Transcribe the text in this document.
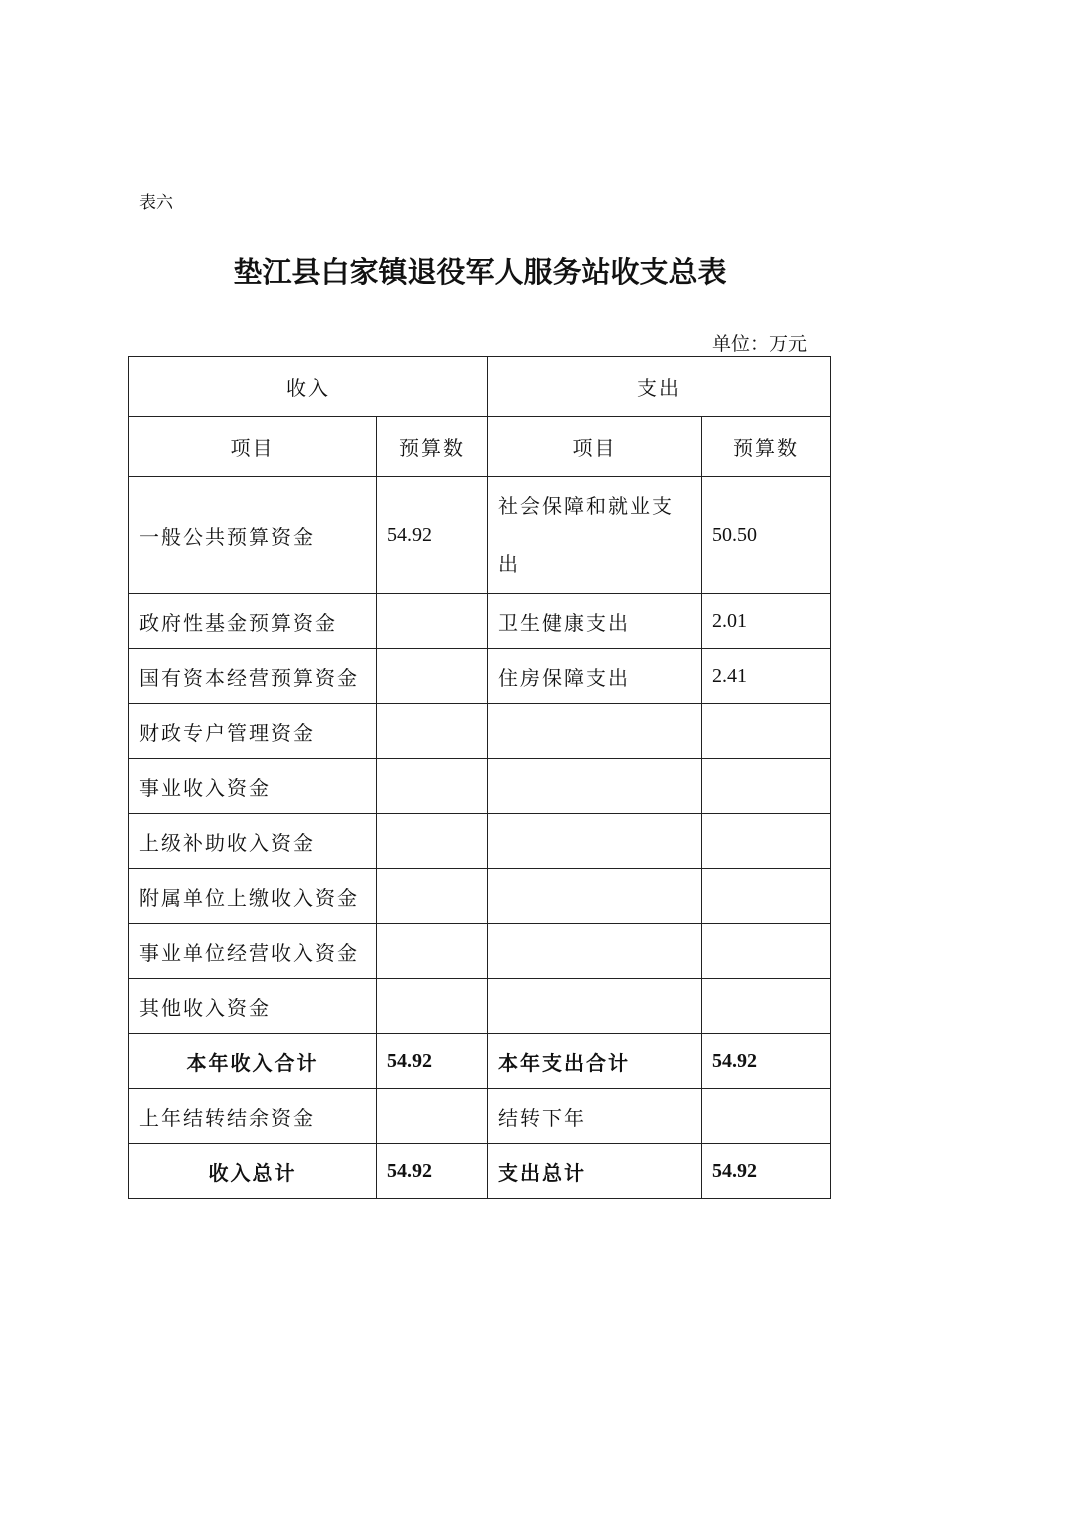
表六
垫江县白家镇退役军人服务站收支总表
单位：万元
收入		支出	
项目	预算数	项目	预算数
一般公共预算资金	54.92	社会保障和就业支出	50.50
政府性基金预算资金		卫生健康支出	2.01
国有资本经营预算资金		住房保障支出	2.41
财政专户管理资金			
事业收入资金			
上级补助收入资金			
附属单位上缴收入资金			
事业单位经营收入资金			
其他收入资金			
本年收入合计	54.92	本年支出合计	54.92
上年结转结余资金		结转下年	
收入总计	54.92	支出总计	54.92
